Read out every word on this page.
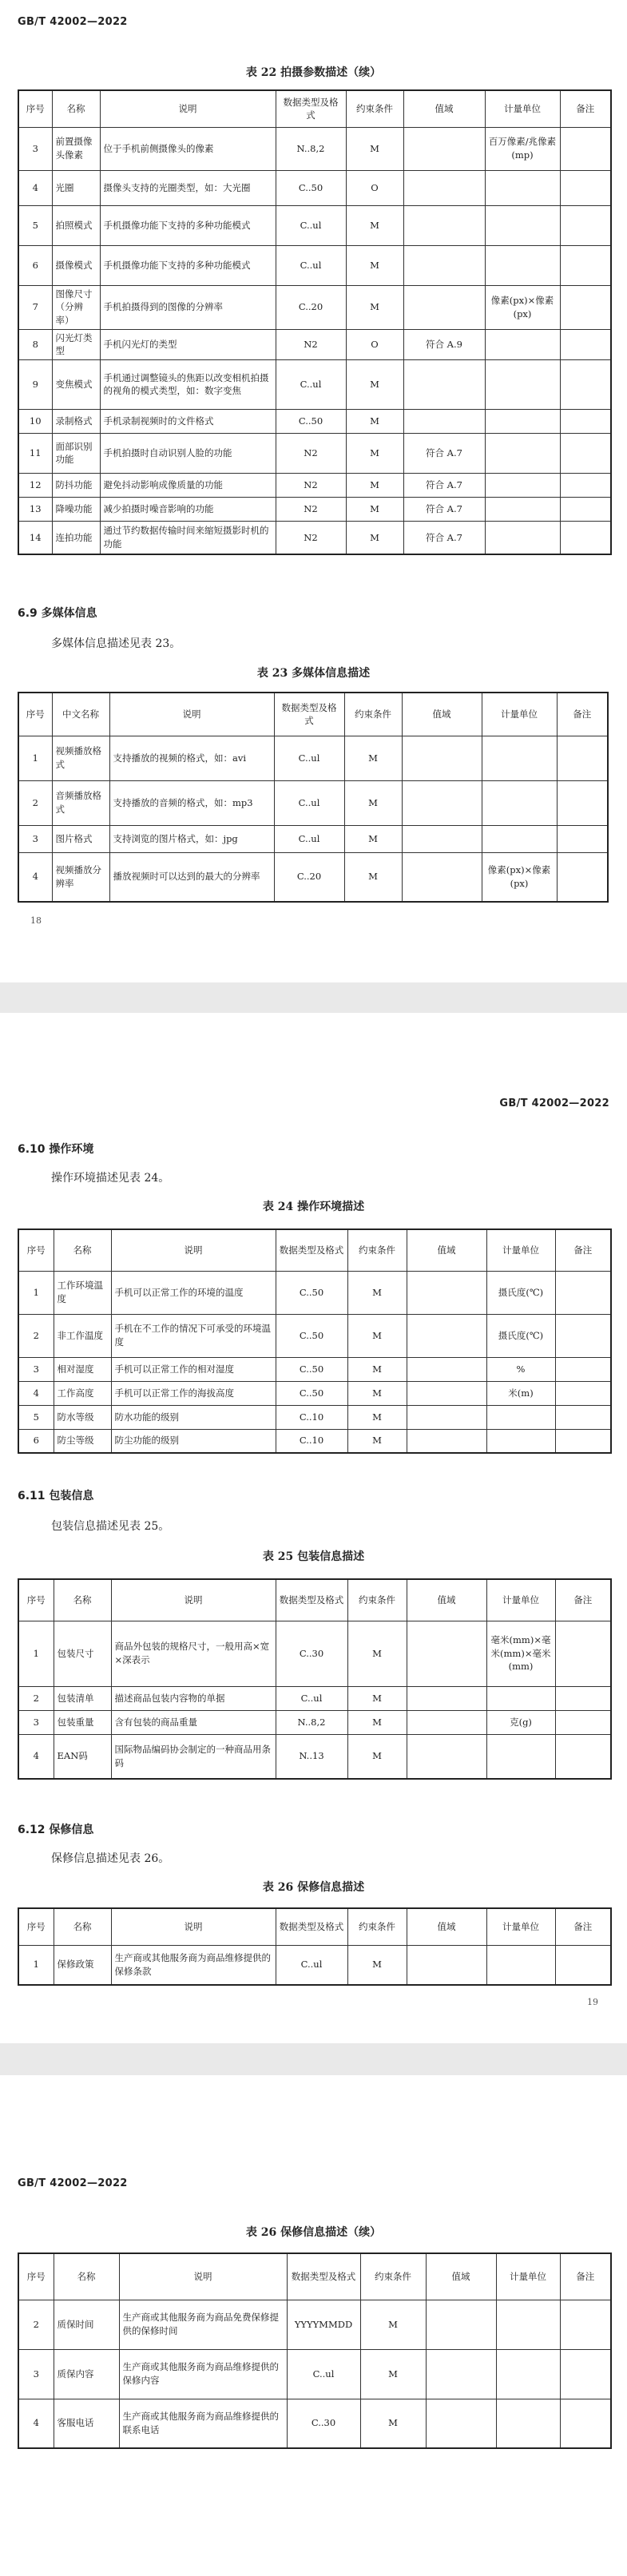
GB/T 42002—2022
表 22 拍摄参数描述（续）
序号	名称	说明	数据类型及格式	约束条件	值域	计量单位	备注
3	前置摄像头像素	位于手机前侧摄像头的像素	N..8,2	M		百万像素/兆像素(mp)	
4	光圈	摄像头支持的光圈类型，如：大光圈	C..50	O			
5	拍照模式	手机摄像功能下支持的多种功能模式	C..ul	M			
6	摄像模式	手机摄像功能下支持的多种功能模式	C..ul	M			
7	图像尺寸（分辨率）	手机拍摄得到的图像的分辨率	C..20	M		像素(px)×像素(px)	
8	闪光灯类型	手机闪光灯的类型	N2	O	符合 A.9		
9	变焦模式	手机通过调整镜头的焦距以改变相机拍摄的视角的模式类型，如：数字变焦	C..ul	M			
10	录制格式	手机录制视频时的文件格式	C..50	M			
11	面部识别功能	手机拍摄时自动识别人脸的功能	N2	M	符合 A.7		
12	防抖功能	避免抖动影响成像质量的功能	N2	M	符合 A.7		
13	降噪功能	减少拍摄时噪音影响的功能	N2	M	符合 A.7		
14	连拍功能	通过节约数据传输时间来缩短摄影时机的功能	N2	M	符合 A.7		
6.9 多媒体信息
多媒体信息描述见表 23。
表 23 多媒体信息描述
序号	中文名称	说明	数据类型及格式	约束条件	值域	计量单位	备注
1	视频播放格式	支持播放的视频的格式，如：avi	C..ul	M			
2	音频播放格式	支持播放的音频的格式，如：mp3	C..ul	M			
3	图片格式	支持浏览的图片格式，如：jpg	C..ul	M			
4	视频播放分辨率	播放视频时可以达到的最大的分辨率	C..20	M		像素(px)×像素(px)	
18
GB/T 42002—2022
6.10 操作环境
操作环境描述见表 24。
表 24 操作环境描述
序号	名称	说明	数据类型及格式	约束条件	值域	计量单位	备注
1	工作环境温度	手机可以正常工作的环境的温度	C..50	M		摄氏度(℃)	
2	非工作温度	手机在不工作的情况下可承受的环境温度	C..50	M		摄氏度(℃)	
3	相对湿度	手机可以正常工作的相对湿度	C..50	M		%	
4	工作高度	手机可以正常工作的海拔高度	C..50	M		米(m)	
5	防水等级	防水功能的级别	C..10	M			
6	防尘等级	防尘功能的级别	C..10	M			
6.11 包装信息
包装信息描述见表 25。
表 25 包装信息描述
序号	名称	说明	数据类型及格式	约束条件	值域	计量单位	备注
1	包装尺寸	商品外包装的规格尺寸，一般用高×宽×深表示	C..30	M		毫米(mm)×毫米(mm)×毫米(mm)	
2	包装清单	描述商品包装内容物的单据	C..ul	M			
3	包装重量	含有包装的商品重量	N..8,2	M		克(g)	
4	EAN码	国际物品编码协会制定的一种商品用条码	N..13	M			
6.12 保修信息
保修信息描述见表 26。
表 26 保修信息描述
序号	名称	说明	数据类型及格式	约束条件	值域	计量单位	备注
1	保修政策	生产商或其他服务商为商品维修提供的保修条款	C..ul	M			
19
GB/T 42002—2022
表 26 保修信息描述（续）
序号	名称	说明	数据类型及格式	约束条件	值域	计量单位	备注
2	质保时间	生产商或其他服务商为商品免费保修提供的保修时间	YYYYMMDD	M			
3	质保内容	生产商或其他服务商为商品维修提供的保修内容	C..ul	M			
4	客服电话	生产商或其他服务商为商品维修提供的联系电话	C..30	M			
